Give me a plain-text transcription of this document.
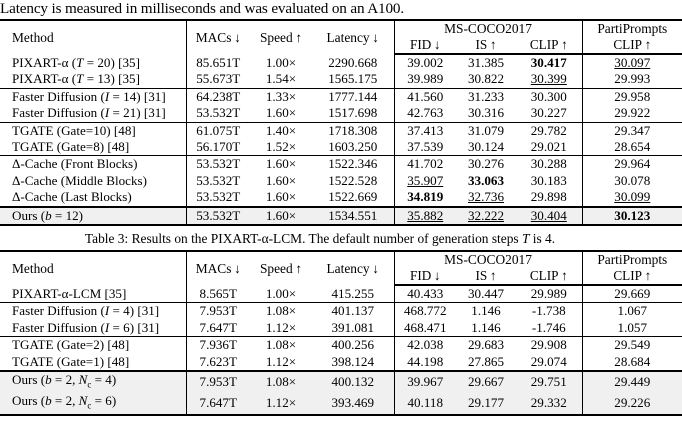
Latency is measured in milliseconds and was evaluated on an A100.
Method	MACs ↓	Speed ↑	Latency ↓	MS-COCO2017			PartiPrompts
				FID ↓	IS ↑	CLIP ↑	CLIP ↑
PIXART-α (T = 20) [35]	85.651T	1.00×	2290.668	39.002	31.385	30.417	30.097
PIXART-α (T = 13) [35]	55.673T	1.54×	1565.175	39.989	30.822	30.399	29.993
Faster Diffusion (I = 14) [31]	64.238T	1.33×	1777.144	41.560	31.233	30.300	29.958
Faster Diffusion (I = 21) [31]	53.532T	1.60×	1517.698	42.763	30.316	30.227	29.922
TGATE (Gate=10) [48]	61.075T	1.40×	1718.308	37.413	31.079	29.782	29.347
TGATE (Gate=8) [48]	56.170T	1.52×	1603.250	37.539	30.124	29.021	28.654
Δ-Cache (Front Blocks)	53.532T	1.60×	1522.346	41.702	30.276	30.288	29.964
Δ-Cache (Middle Blocks)	53.532T	1.60×	1522.528	35.907	33.063	30.183	30.078
Δ-Cache (Last Blocks)	53.532T	1.60×	1522.669	34.819	32.736	29.898	30.099
Ours (b = 12)	53.532T	1.60×	1534.551	35.882	32.222	30.404	30.123
Table 3: Results on the PIXART-α-LCM. The default number of generation steps T is 4.
Method	MACs ↓	Speed ↑	Latency ↓	MS-COCO2017			PartiPrompts
				FID ↓	IS ↑	CLIP ↑	CLIP ↑
PIXART-α-LCM [35]	8.565T	1.00×	415.255	40.433	30.447	29.989	29.669
Faster Diffusion (I = 4) [31]	7.953T	1.08×	401.137	468.772	1.146	-1.738	1.067
Faster Diffusion (I = 6) [31]	7.647T	1.12×	391.081	468.471	1.146	-1.746	1.057
TGATE (Gate=2) [48]	7.936T	1.08×	400.256	42.038	29.683	29.908	29.549
TGATE (Gate=1) [48]	7.623T	1.12×	398.124	44.198	27.865	29.074	28.684
Ours (b = 2, $N_c = 4$)	7.953T	1.08×	400.132	39.967	29.667	29.751	29.449
Ours (b = 2, $N_c = 6$)	7.647T	1.12×	393.469	40.118	29.177	29.332	29.226
